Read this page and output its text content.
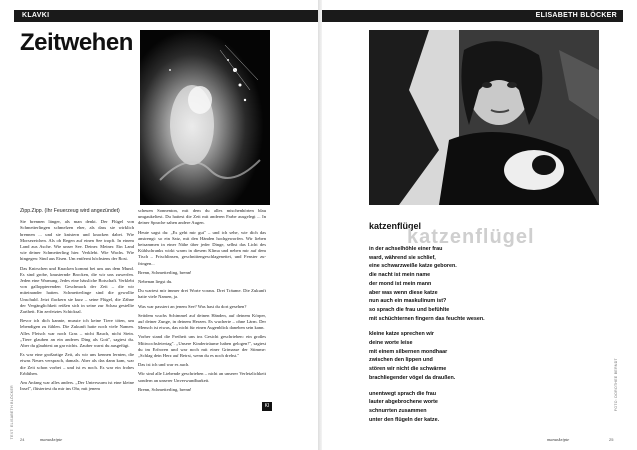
KLAVKI
Zeitwehen
Zipp.Zipp. (Ihr Feuerzeug wird angezündet)

Sie brennen länger, als man denkt. Der Flügel von Schmetterlingen schmelzen eher, als dass sie wirklich brennen ... und sie knistern und knacken dabei. Wie Morsezeichen. Als ob Regen auf einen See tropft. In einem Land aus Asche. Wie unser See. Deiner. Meiner. Ein Land wie deiner Schmetterling hier. Verklebt. Wie Wachs. Wie hingegen: Sind aus Eisen. Um entfernt höchstens der Rost.

Das Knirschen und Knacken kommt bei uns aus dem Mund. Es sind grobe, knusternde Brocken, die wir uns zuwerfen. Jeden eine Warnung. Jedes eine hässliche Botschaft. Verklebt von galloppierenden Geschmack der Zeit – die wir miteinander hatten. Schmetterlinge sind die gewollte Unschuld. Jetzt flackern sie kurz – seine Flügel, die Zähne der Vergänglichkeit reißen sich in seine zur Schau gestellte Zartheit. Ein zerfetztes Schicksal.

Bevor ich dich kannte, musste ich keine Tiere töten, um lebendigen zu fühlen. Die Zukunft hatte noch viele Namen. Alles Fleisch war noch Gras – nicht Rauch, nicht Stein. „Tiere glauben an ein anderes Ding als Gott", sagtest du. Aber du glaubtest an gar nichts. Zauber warst du ausgefügt.

Es war eine großartige Zeit, als wir uns kennen lernten, die etwas Neues versprach, damals. Aber als das dann kam, war die Zeit schon vorbei – und ist es noch. Es war ein frohes Erblühen.

Am Anfang war alles anders. „Der Unterwurm ist eine kleine Insel", flüstertest du mir ins Ohr, mit jenem

scheuen Sonnenton, mit dem du alles mischenhörten blau umgaukeltest. Du hattest die Zeit mit anderen Farbe ausgelegt ... In deiner Sprache sahen andere Augen.

Heute sagst du: „Es geht mir gut" – und ich sehe, wie dich das anstrengt: so ein Satz, mit den Händen hochgeworfen. Wir lieben beisammen in einer Nähe über jeder Dinge, selbst das Licht des Kühlschranks wirkt warm in diesem Klima und neben mir auf dem Tisch – Frischlinsen, geschnittengeschlagenettet, und Fenster zu-fringen...

Brenn, Schmetterling, brenn!

Nebenan liegst du.

Du wartest mir immer drei Worte voraus. Drei Träume. Die Zukunft hatte viele Namen, ja.

Was war passiert an jenem See? Was hast du dort gesehen?

Seitdem wuchs Schimmel auf deinen Händen, auf deinem Körper, auf deiner Zunge, in deinem Herzen. Es wucherte – ohne Lärm. Der Mensch ist etwas, das nicht für einen Augenblick daneben sein kann.

Vorher stand die Freiheit uns ins Gesicht geschrieben: ein großes Mittwochsfeiertag". „Unsere Kindertrüume haben gelogen!", sagtest du im Erfroren und war noch mit einer Grimasse der Stimme: „Schlag dein Herz auf Betrst, wenn du es noch drehst."

Das ist ich und war es auch.

Wir sind alle Liebende geschrieben – nicht an unserer Verletzlichkeit sondern an unserer Unverwundbarkeit.

Brenn, Schmetterling, brenn!

KI
TEXT: ELISABETH BLÖCKER
24	manuskripte
ELISABETH BLÖCKER
katzenflügel
katzenflügel
in der achselhöhle einer frau
ward, während sie schlief,
eine schwarzweiße katze geboren.
die nacht ist mein name
der mond ist mein mann
aber was wenn diese katze
nun auch ein maskulinum ist?
so sprach die frau und befühlte
mit schüchternen fingern das feuchte wesen.
kleine katze sprechen wir
deine worte leise
mit einem silbernen mondhaar
zwischen den lippen und
stören wir nicht die schwärme
brachliegender vögel da draußen.
unentwegt sprach die frau
lauter abgebrochene worte
schnurrten zusammen
unter den flügeln der katze.
FOTO: DOROTHEE BERNDT
manuskripte	25
